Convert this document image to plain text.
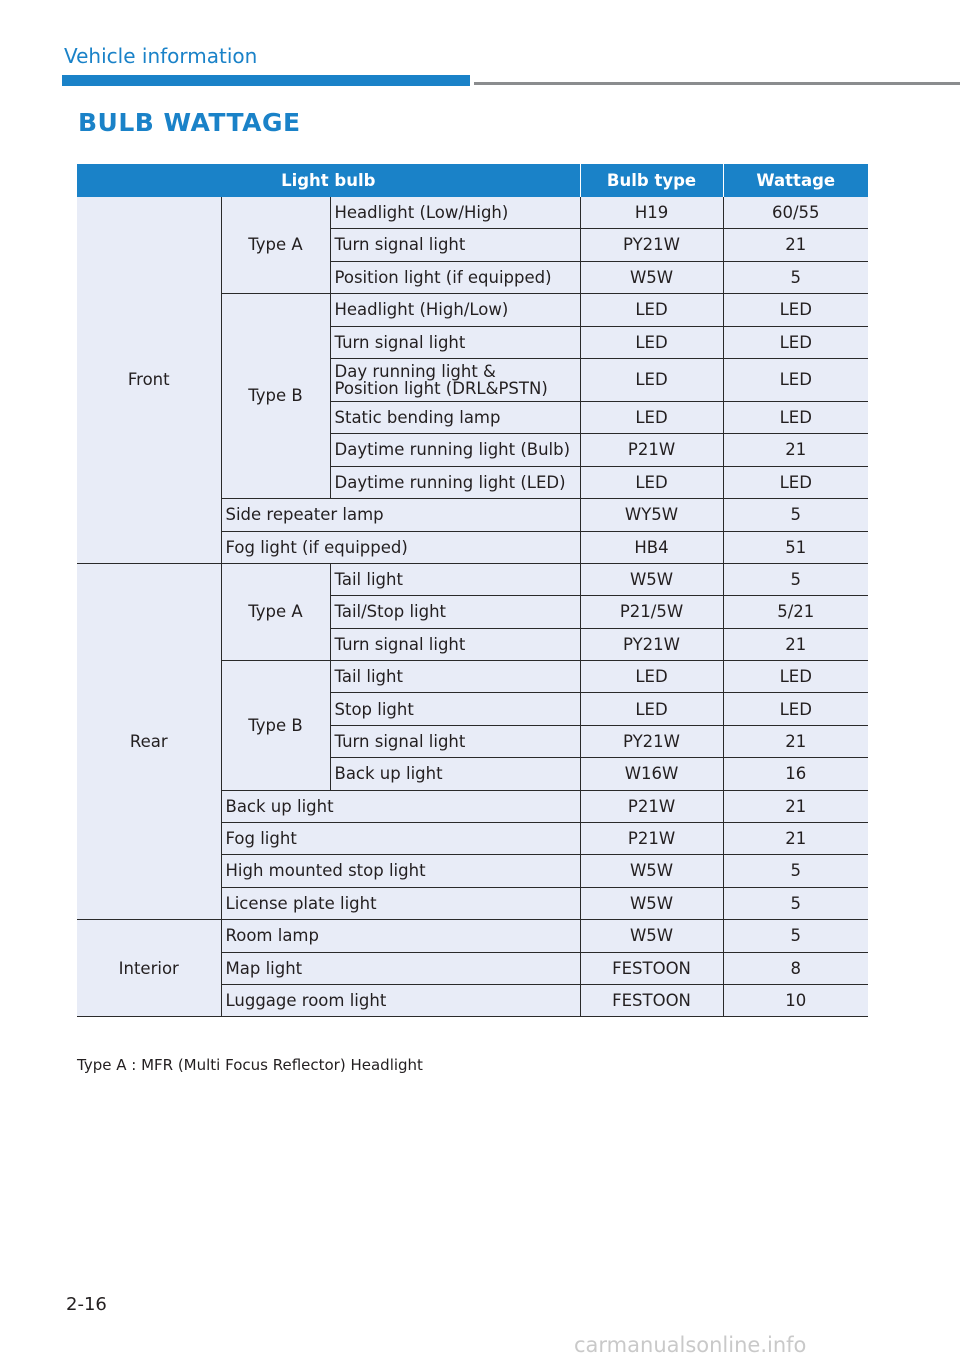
Vehicle information
BULB WATTAGE
Light bulb			Bulb type	Wattage
Front	Type A	Headlight (Low/High)	H19	60/55
		Turn signal light	PY21W	21
		Position light (if equipped)	W5W	5
	Type B	Headlight (High/Low)	LED	LED
		Turn signal light	LED	LED

		Day running light &
Position light (DRL&PSTN)	LED	LED
		Static bending lamp	LED	LED
		Daytime running light (Bulb)	P21W	21
		Daytime running light (LED)	LED	LED
	Side repeater lamp		WY5W	5
	Fog light (if equipped)		HB4	51
Rear	Type A	Tail light	W5W	5
		Tail/Stop light	P21/5W	5/21
		Turn signal light	PY21W	21
	Type B	Tail light	LED	LED
		Stop light	LED	LED
		Turn signal light	PY21W	21
		Back up light	W16W	16
	Back up light		P21W	21
	Fog light		P21W	21
	High mounted stop light		W5W	5
	License plate light		W5W	5
Interior	Room lamp		W5W	5
	Map light		FESTOON	8
	Luggage room light		FESTOON	10
Type A : MFR (Multi Focus Reflector) Headlight
2-16
carmanualsonline.info
